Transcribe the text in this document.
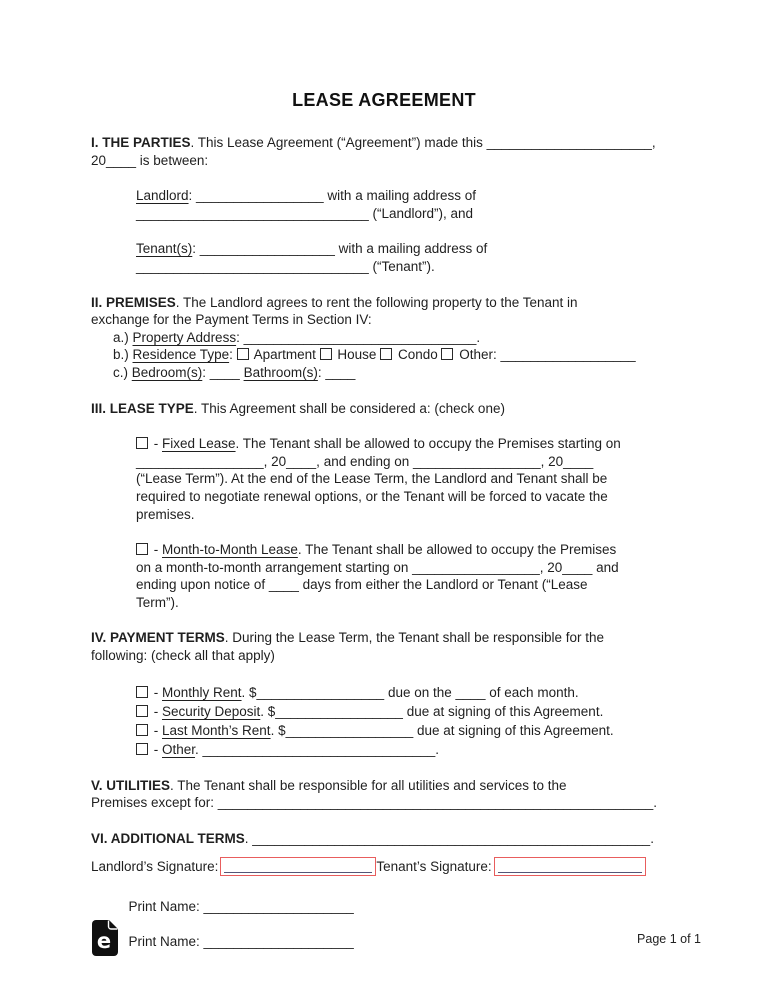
LEASE AGREEMENT
I. THE PARTIES. This Lease Agreement (“Agreement”) made this ______________________,
20____ is between:
Landlord: _________________ with a mailing address of
_______________________________ (“Landlord”), and
Tenant(s): __________________ with a mailing address of
_______________________________ (“Tenant”).
II. PREMISES. The Landlord agrees to rent the following property to the Tenant in
exchange for the Payment Terms in Section IV:
a.) Property Address: _______________________________.
b.) Residence Type:  Apartment  House  Condo  Other: __________________
c.) Bedroom(s): ____ Bathroom(s): ____
III. LEASE TYPE. This Agreement shall be considered a: (check one)
- Fixed Lease. The Tenant shall be allowed to occupy the Premises starting on
_________________, 20____, and ending on _________________, 20____
(“Lease Term”). At the end of the Lease Term, the Landlord and Tenant shall be
required to negotiate renewal options, or the Tenant will be forced to vacate the
premises.
- Month-to-Month Lease. The Tenant shall be allowed to occupy the Premises
on a month-to-month arrangement starting on _________________, 20____ and
ending upon notice of ____ days from either the Landlord or Tenant (“Lease
Term”).
IV. PAYMENT TERMS. During the Lease Term, the Tenant shall be responsible for the
following: (check all that apply)
- Monthly Rent. $_________________ due on the ____ of each month.
- Security Deposit. $_________________ due at signing of this Agreement.
- Last Month’s Rent. $_________________ due at signing of this Agreement.
- Other. _______________________________.
V. UTILITIES. The Tenant shall be responsible for all utilities and services to the
Premises except for: __________________________________________________________.
VI. ADDITIONAL TERMS. _____________________________________________________.
Landlord’s Signature:

	Tenant’s Signature:

Print Name: ____________________

Print Name: ____________________

e	Page 1 of 1
